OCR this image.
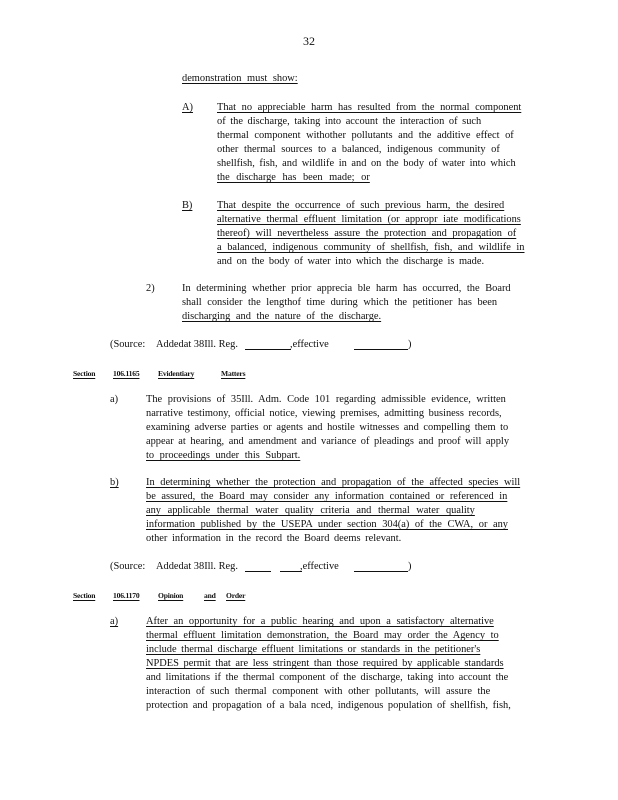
32
demonstration must show:
A) That no appreciable harm has resulted from the normal component

of the discharge, taking into account the interaction of such

thermal component withother pollutants and the additive effect of

other thermal sources to a balanced, indigenous community of

shellfish, fish, and wildlife in and on the body of water into which

the discharge has been made; or

B) That despite the occurrence of such previous harm, the desired

alternative thermal effluent limitation (or appropr iate modifications

thereof) will nevertheless assure the protection and propagation of

a balanced, indigenous community of shellfish, fish, and wildlife in

and on the body of water into which the discharge is made.

2)	In determining whether prior apprecia ble harm has occurred, the Board

shall consider the lengthof time during which the petitioner has been

discharging and the nature of the discharge.

(Source: Addedat 38Ill. Reg.	,effective	)
Section 106.1165 Evidentiary	Matters
a)	The provisions of 35Ill. Adm. Code 101 regarding admissible evidence, written

narrative testimony, official notice, viewing premises, admitting business records,

examining adverse parties or agents and hostile witnesses and compelling them to

appear at hearing, and amendment and variance of pleadings and proof will apply

to proceedings under this Subpart.

b)	In determining whether the protection and propagation of the affected species will

be assured, the Board may consider any information contained or referenced in

any applicable thermal water quality criteria and thermal water quality

information published by the USEPA under section 304(a) of the CWA, or any

other information in the record the Board deems relevant.

(Source: Addedat 38Ill. Reg.	,effective	)
Section 106.1170 Opinion	and Order
a)	After an opportunity for a public hearing and upon a satisfactory alternative

thermal effluent limitation demonstration, the Board may order the Agency to

include thermal discharge effluent limitations or standards in the petitioner's

NPDES permit that are less stringent than those required by applicable standards

and limitations if the thermal component of the discharge, taking into account the

interaction of such thermal component with other pollutants, will assure the

protection and propagation of a bala nced, indigenous population of shellfish, fish,
